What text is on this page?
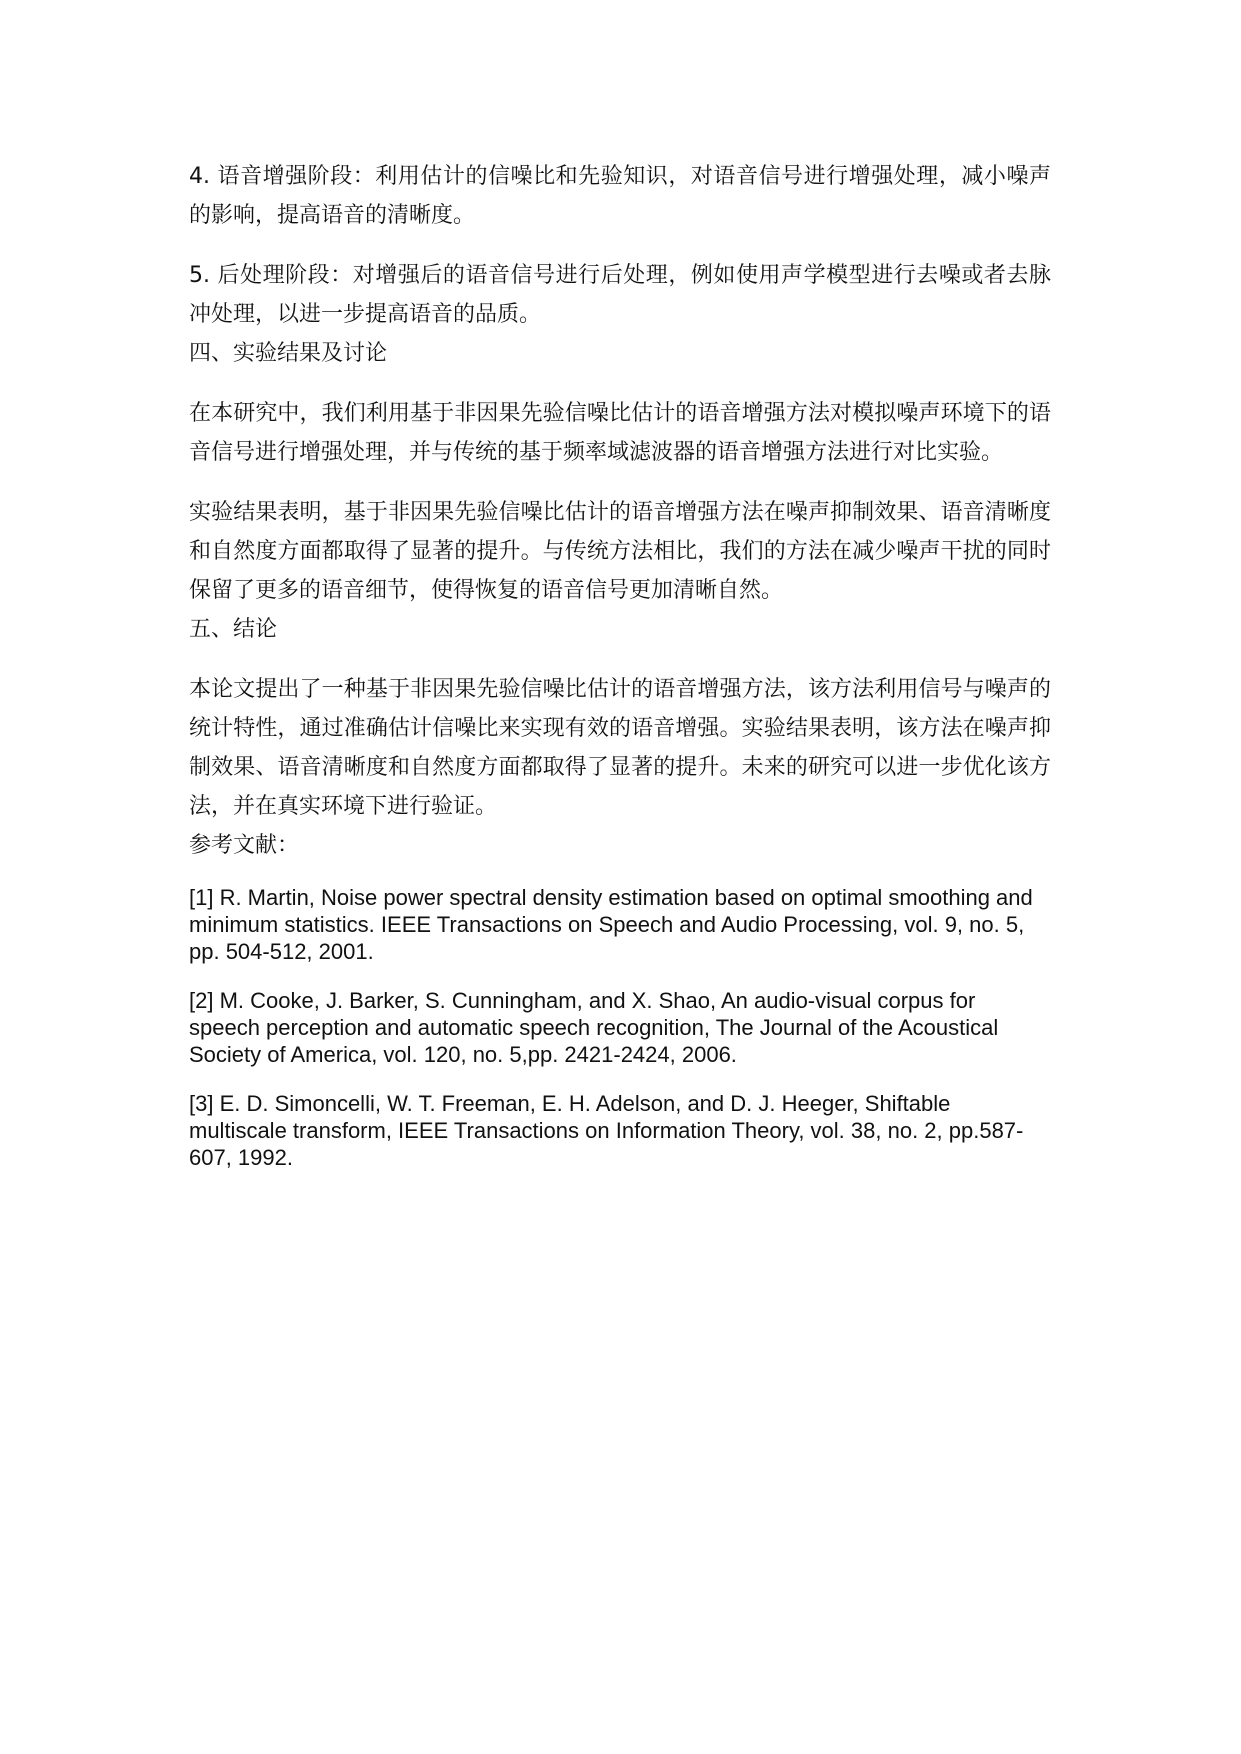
4. 语音增强阶段：利用估计的信噪比和先验知识，对语音信号进行增强处理，减小噪声的影响，提高语音的清晰度。

5. 后处理阶段：对增强后的语音信号进行后处理，例如使用声学模型进行去噪或者去脉冲处理，以进一步提高语音的品质。

四、实验结果及讨论

在本研究中，我们利用基于非因果先验信噪比估计的语音增强方法对模拟噪声环境下的语音信号进行增强处理，并与传统的基于频率域滤波器的语音增强方法进行对比实验。

实验结果表明，基于非因果先验信噪比估计的语音增强方法在噪声抑制效果、语音清晰度和自然度方面都取得了显著的提升。与传统方法相比，我们的方法在减少噪声干扰的同时保留了更多的语音细节，使得恢复的语音信号更加清晰自然。

五、结论

本论文提出了一种基于非因果先验信噪比估计的语音增强方法，该方法利用信号与噪声的统计特性，通过准确估计信噪比来实现有效的语音增强。实验结果表明，该方法在噪声抑制效果、语音清晰度和自然度方面都取得了显著的提升。未来的研究可以进一步优化该方法，并在真实环境下进行验证。

参考文献：

[1] R. Martin, Noise power spectral density estimation based on optimal smoothing and minimum statistics. IEEE Transactions on Speech and Audio Processing, vol. 9, no. 5, pp. 504-512, 2001.

[2] M. Cooke, J. Barker, S. Cunningham, and X. Shao, An audio-visual corpus for speech perception and automatic speech recognition, The Journal of the Acoustical Society of America, vol. 120, no. 5,pp. 2421-2424, 2006.

[3] E. D. Simoncelli, W. T. Freeman, E. H. Adelson, and D. J. Heeger, Shiftable multiscale transform, IEEE Transactions on Information Theory, vol. 38, no. 2, pp.587-607, 1992.
